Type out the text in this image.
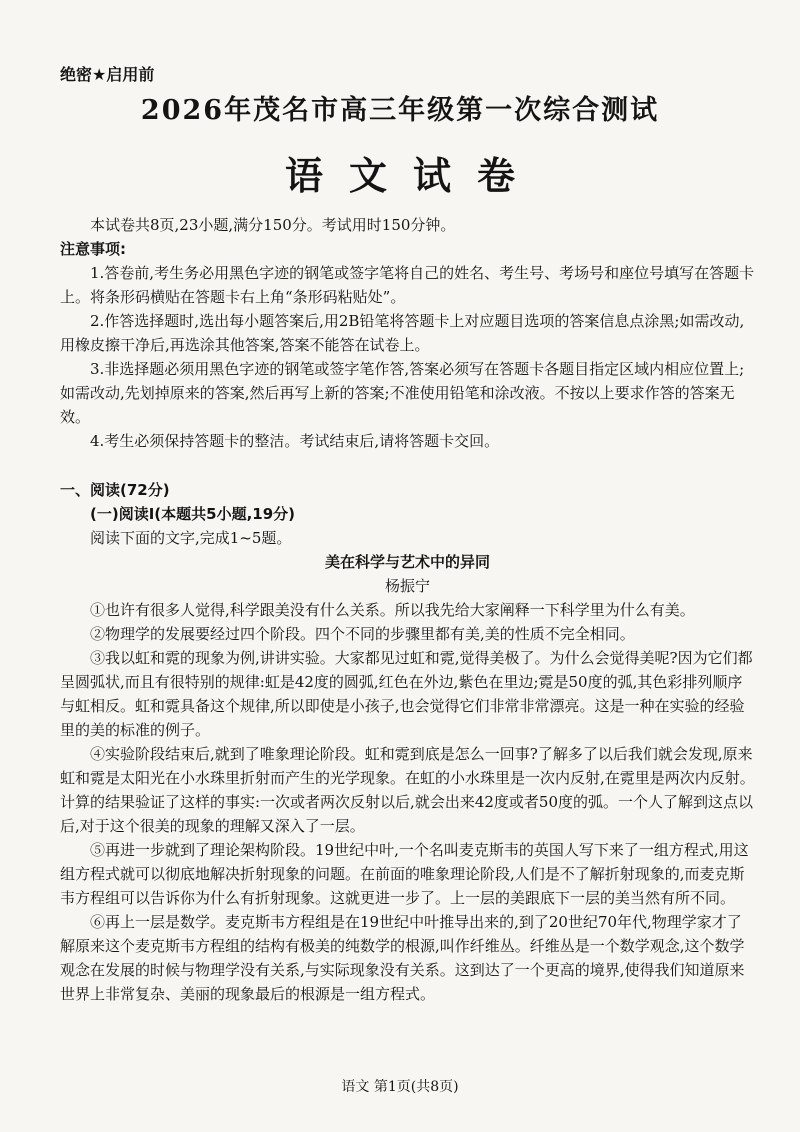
绝密★启用前
2026年茂名市高三年级第一次综合测试
语文试卷

本试卷共8页,23小题,满分150分。考试用时150分钟。

注意事项:

1.答卷前,考生务必用黑色字迹的钢笔或签字笔将自己的姓名、考生号、考场号和座位号填写在答题卡上。将条形码横贴在答题卡右上角“条形码粘贴处”。

2.作答选择题时,选出每小题答案后,用2B铅笔将答题卡上对应题目选项的答案信息点涂黑;如需改动,用橡皮擦干净后,再选涂其他答案,答案不能答在试卷上。

3.非选择题必须用黑色字迹的钢笔或签字笔作答,答案必须写在答题卡各题目指定区域内相应位置上;如需改动,先划掉原来的答案,然后再写上新的答案;不准使用铅笔和涂改液。不按以上要求作答的答案无效。

4.考生必须保持答题卡的整洁。考试结束后,请将答题卡交回。

一、阅读(72分)

(一)阅读Ⅰ(本题共5小题,19分)

阅读下面的文字,完成1~5题。

美在科学与艺术中的异同

杨振宁

①也许有很多人觉得,科学跟美没有什么关系。所以我先给大家阐释一下科学里为什么有美。

②物理学的发展要经过四个阶段。四个不同的步骤里都有美,美的性质不完全相同。

③我以虹和霓的现象为例,讲讲实验。大家都见过虹和霓,觉得美极了。为什么会觉得美呢?因为它们都呈圆弧状,而且有很特别的规律:虹是42度的圆弧,红色在外边,紫色在里边;霓是50度的弧,其色彩排列顺序与虹相反。虹和霓具备这个规律,所以即使是小孩子,也会觉得它们非常非常漂亮。这是一种在实验的经验里的美的标准的例子。

④实验阶段结束后,就到了唯象理论阶段。虹和霓到底是怎么一回事?了解多了以后我们就会发现,原来虹和霓是太阳光在小水珠里折射而产生的光学现象。在虹的小水珠里是一次内反射,在霓里是两次内反射。计算的结果验证了这样的事实:一次或者两次反射以后,就会出来42度或者50度的弧。一个人了解到这点以后,对于这个很美的现象的理解又深入了一层。

⑤再进一步就到了理论架构阶段。19世纪中叶,一个名叫麦克斯韦的英国人写下来了一组方程式,用这组方程式就可以彻底地解决折射现象的问题。在前面的唯象理论阶段,人们是不了解折射现象的,而麦克斯韦方程组可以告诉你为什么有折射现象。这就更进一步了。上一层的美跟底下一层的美当然有所不同。

⑥再上一层是数学。麦克斯韦方程组是在19世纪中叶推导出来的,到了20世纪70年代,物理学家才了解原来这个麦克斯韦方程组的结构有极美的纯数学的根源,叫作纤维丛。纤维丛是一个数学观念,这个数学观念在发展的时候与物理学没有关系,与实际现象没有关系。这到达了一个更高的境界,使得我们知道原来世界上非常复杂、美丽的现象最后的根源是一组方程式。

语文 第1页(共8页)
